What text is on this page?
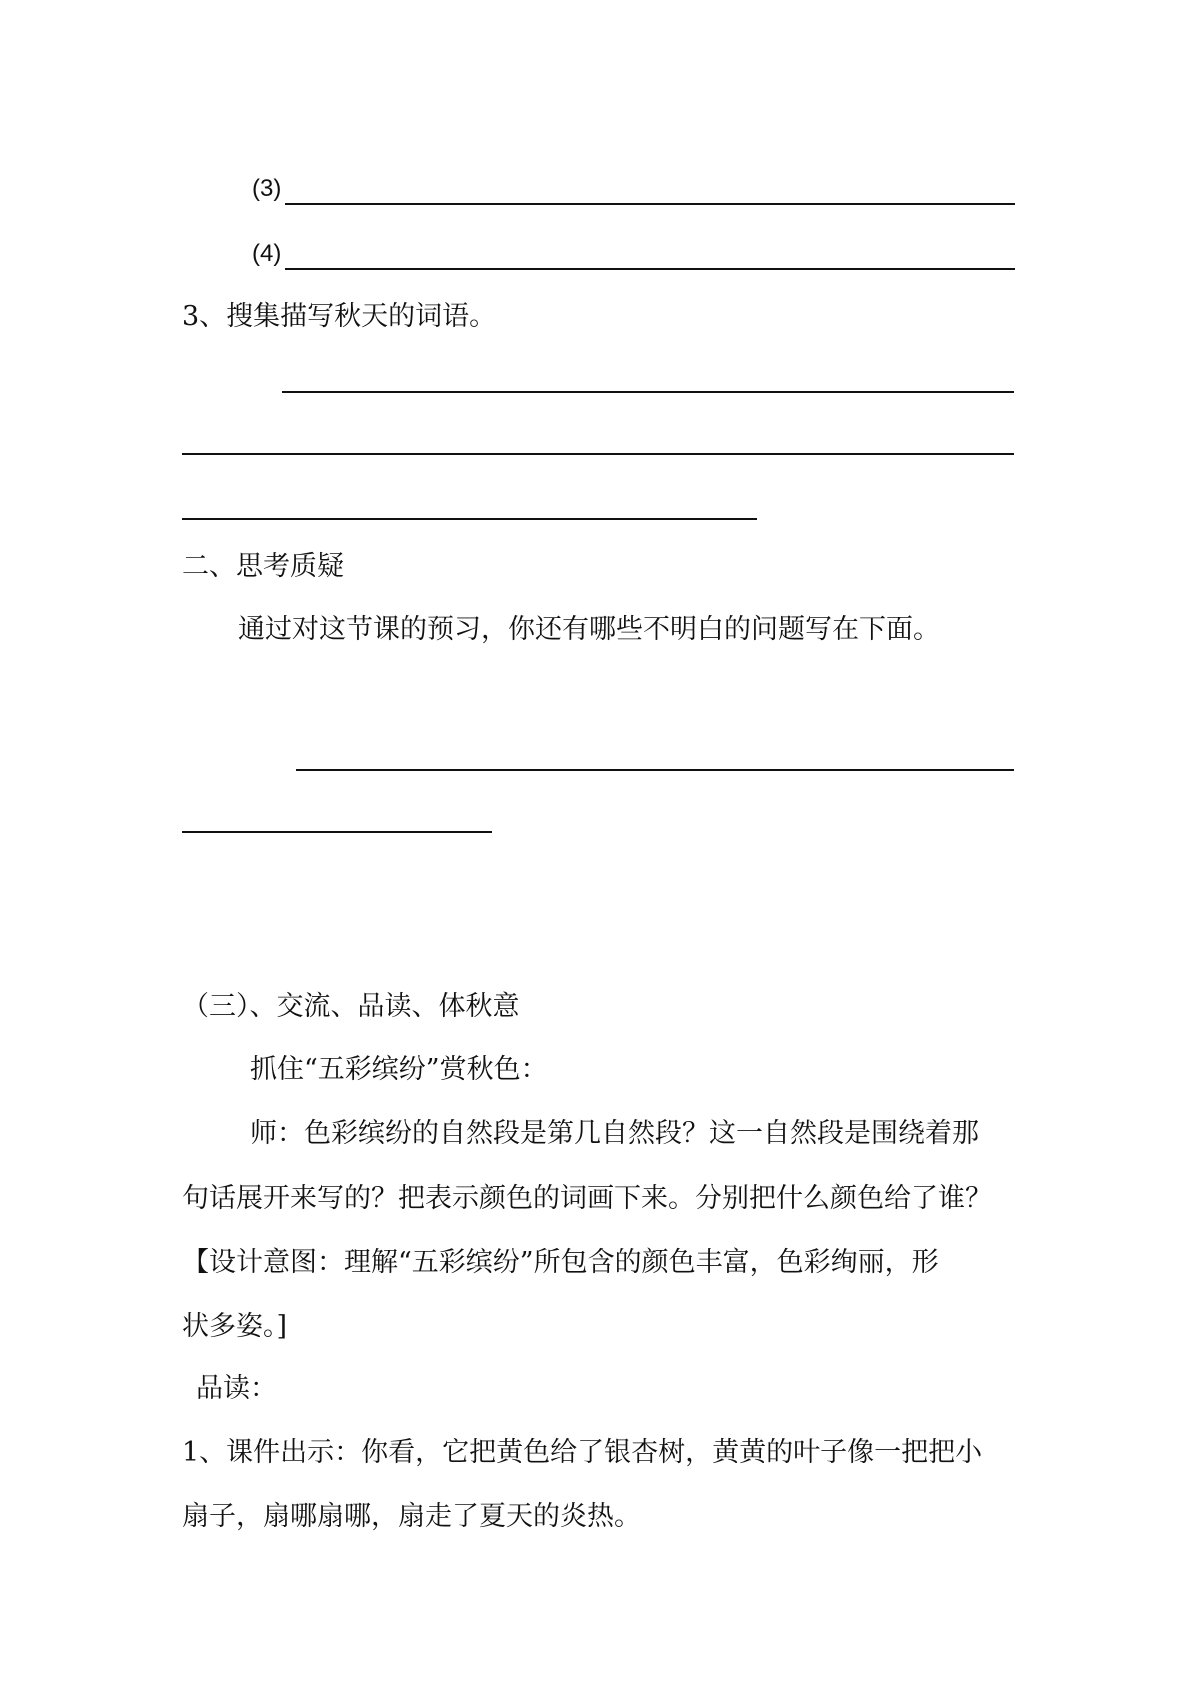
(3)
(4)
3、搜集描写秋天的词语。
二、思考质疑
通过对这节课的预习，你还有哪些不明白的问题写在下面。
（三）、交流、品读、体秋意
抓住“五彩缤纷”赏秋色：
师：色彩缤纷的自然段是第几自然段？这一自然段是围绕着那
句话展开来写的？把表示颜色的词画下来。分别把什么颜色给了谁？
【设计意图：理解“五彩缤纷”所包含的颜色丰富，色彩绚丽，形
状多姿。]
品读：
1、课件出示：你看，它把黄色给了银杏树，黄黄的叶子像一把把小
扇子，扇哪扇哪，扇走了夏天的炎热。
